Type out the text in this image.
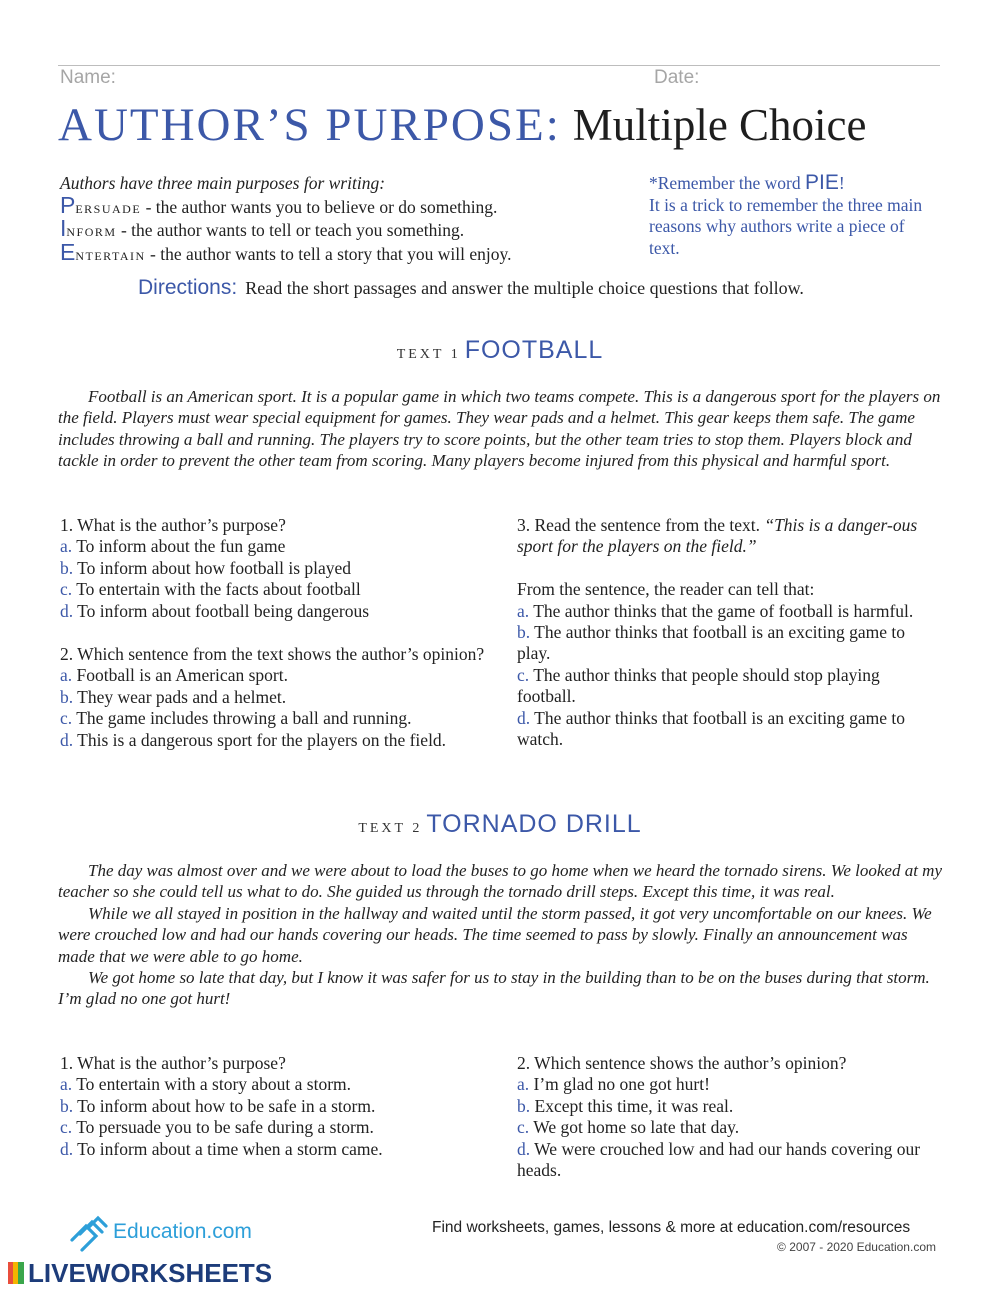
Name:	Date:
AUTHOR’S PURPOSE: Multiple Choice
Authors have three main purposes for writing:
Persuade - the author wants you to believe or do something.
Inform - the author wants to tell or teach you something.
Entertain - the author wants to tell a story that you will enjoy.
*Remember the word PIE!
It is a trick to remember the three main reasons why authors write a piece of text.
Directions: Read the short passages and answer the multiple choice questions that follow.
TEXT 1 FOOTBALL

Football is an American sport. It is a popular game in which two teams compete. This is a dangerous sport for the players on the field. Players must wear special equipment for games. They wear pads and a helmet. This gear keeps them safe. The game includes throwing a ball and running. The players try to score points, but the other team tries to stop them. Players block and tackle in order to prevent the other team from scoring. Many players become injured from this physical and harmful sport.

1. What is the author’s purpose?

a. To inform about the fun game

b. To inform about how football is played

c. To entertain with the facts about football

d. To inform about football being dangerous

2. Which sentence from the text shows the author’s opinion?

a. Football is an American sport.

b. They wear pads and a helmet.

c. The game includes throwing a ball and running.

d. This is a dangerous sport for the players on the field.

3. Read the sentence from the text. “This is a danger-ous sport for the players on the field.”

From the sentence, the reader can tell that:

a. The author thinks that the game of football is harmful.

b. The author thinks that football is an exciting game to play.

c. The author thinks that people should stop playing football.

d. The author thinks that football is an exciting game to watch.

TEXT 2 TORNADO DRILL

The day was almost over and we were about to load the buses to go home when we heard the tornado sirens. We looked at my teacher so she could tell us what to do. She guided us through the tornado drill steps. Except this time, it was real.

While we all stayed in position in the hallway and waited until the storm passed, it got very uncomfortable on our knees. We were crouched low and had our hands covering our heads. The time seemed to pass by slowly. Finally an announcement was made that we were able to go home.

We got home so late that day, but I know it was safer for us to stay in the building than to be on the buses during that storm. I’m glad no one got hurt!

1. What is the author’s purpose?

a. To entertain with a story about a storm.

b. To inform about how to be safe in a storm.

c. To persuade you to be safe during a storm.

d. To inform about a time when a storm came.

2. Which sentence shows the author’s opinion?

a. I’m glad no one got hurt!

b. Except this time, it was real.

c. We got home so late that day.

d. We were crouched low and had our hands covering our heads.

Education.com	Find worksheets, games, lessons & more at education.com/resources
© 2007 - 2020 Education.com
LIVEWORKSHEETS
